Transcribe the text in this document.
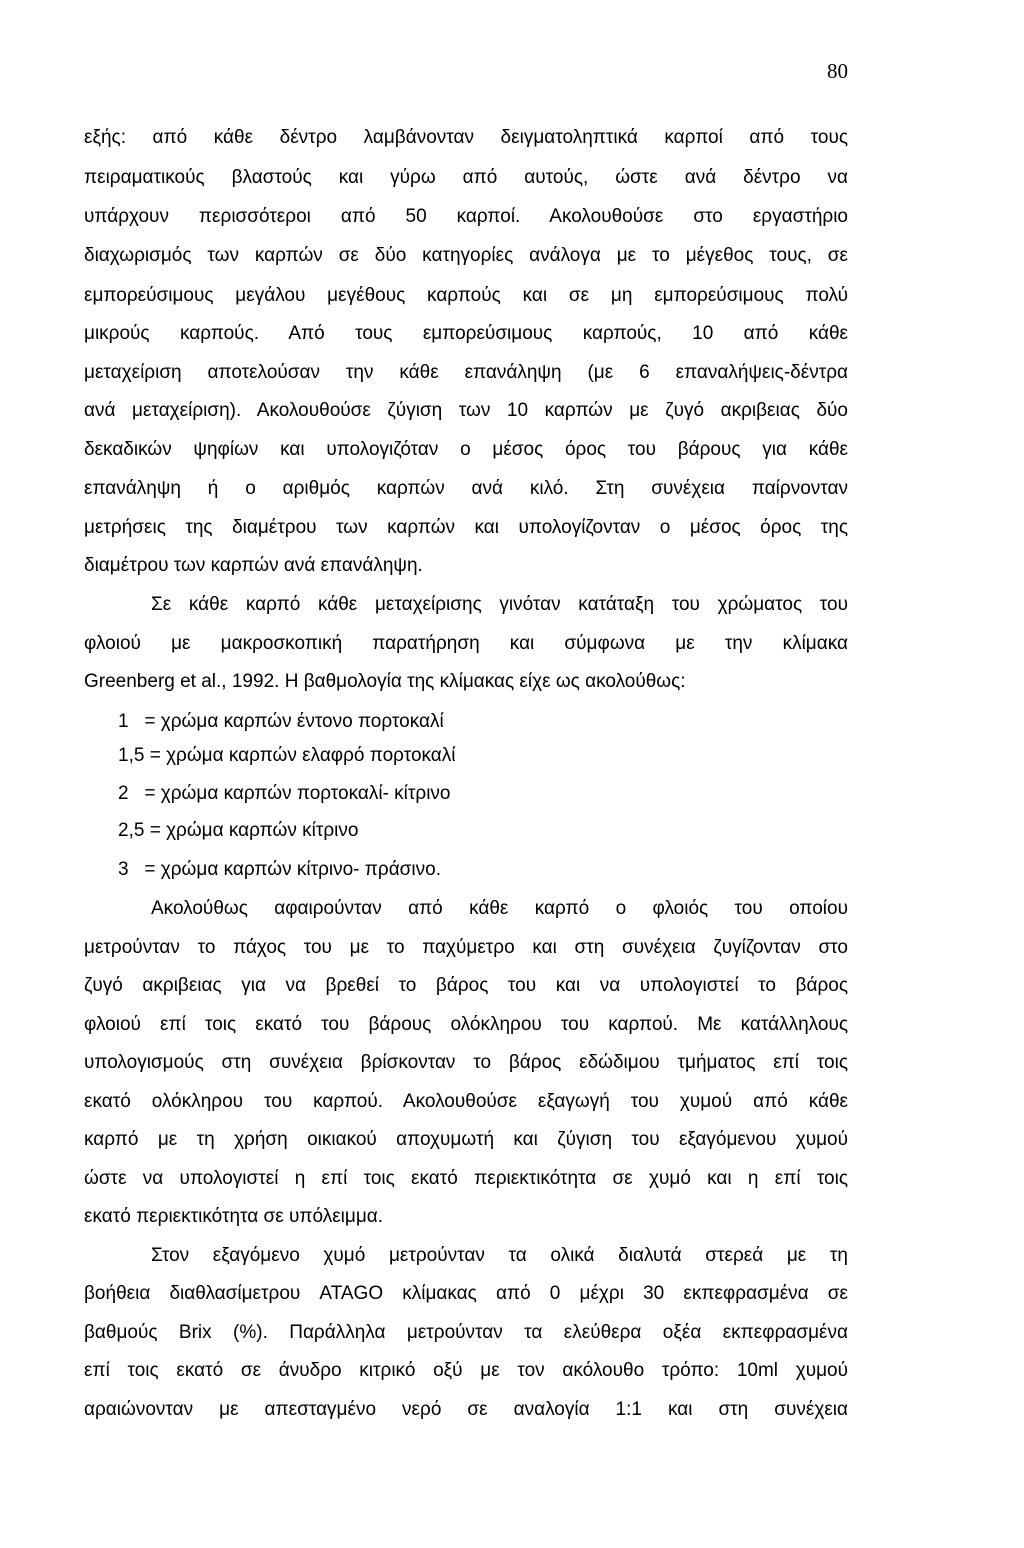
80
εξής: από κάθε δέντρο λαμβάνονταν δειγματοληπτικά καρποί από τους
πειραματικούς βλαστούς και γύρω από αυτούς, ώστε ανά δέντρο να
υπάρχουν περισσότεροι από 50 καρποί. Ακολουθούσε στο εργαστήριο
διαχωρισμός των καρπών σε δύο κατηγορίες ανάλογα με το μέγεθος τους, σε
εμπορεύσιμους μεγάλου μεγέθους καρπούς και σε μη εμπορεύσιμους πολύ
μικρούς καρπούς. Από τους εμπορεύσιμους καρπούς, 10 από κάθε
μεταχείριση αποτελούσαν την κάθε επανάληψη (με 6 επαναλήψεις-δέντρα
ανά μεταχείριση). Ακολουθούσε ζύγιση των 10 καρπών με ζυγό ακριβειας δύο
δεκαδικών ψηφίων και υπολογιζόταν ο μέσος όρος του βάρους για κάθε
επανάληψη ή ο αριθμός καρπών ανά κιλό. Στη συνέχεια παίρνονταν
μετρήσεις της διαμέτρου των καρπών και υπολογίζονταν ο μέσος όρος της
διαμέτρου των καρπών ανά επανάληψη.
Σε κάθε καρπό κάθε μεταχείρισης γινόταν κατάταξη του χρώματος του
φλοιού με μακροσκοπική παρατήρηση και σύμφωνα με την κλίμακα
Greenberg et al., 1992. Η βαθμολογία της κλίμακας είχε ως ακολούθως:
1   = χρώμα καρπών έντονο πορτοκαλί
1,5 = χρώμα καρπών ελαφρό πορτοκαλί
2   = χρώμα καρπών πορτοκαλί- κίτρινο
2,5 = χρώμα καρπών κίτρινο
3   = χρώμα καρπών κίτρινο- πράσινο.
Ακολούθως αφαιρούνταν από κάθε καρπό ο φλοιός του οποίου
μετρούνταν το πάχος του με το παχύμετρο και στη συνέχεια ζυγίζονταν στο
ζυγό ακριβειας για να βρεθεί το βάρος του και να υπολογιστεί το βάρος
φλοιού επί τοις εκατό του βάρους ολόκληρου του καρπού. Με κατάλληλους
υπολογισμούς στη συνέχεια βρίσκονταν το βάρος εδώδιμου τμήματος επί τοις
εκατό ολόκληρου του καρπού. Ακολουθούσε εξαγωγή του χυμού από κάθε
καρπό με τη χρήση οικιακού αποχυμωτή και ζύγιση του εξαγόμενου χυμού
ώστε να υπολογιστεί η επί τοις εκατό περιεκτικότητα σε χυμό και η επί τοις
εκατό περιεκτικότητα σε υπόλειμμα.
Στον εξαγόμενο χυμό μετρούνταν τα ολικά διαλυτά στερεά με τη
βοήθεια διαθλασίμετρου ATAGO κλίμακας από 0 μέχρι 30 εκπεφρασμένα σε
βαθμούς Brix (%). Παράλληλα μετρούνταν τα ελεύθερα οξέα εκπεφρασμένα
επί τοις εκατό σε άνυδρο κιτρικό οξύ με τον ακόλουθο τρόπο: 10ml χυμού
αραιώνονταν με απεσταγμένο νερό σε αναλογία 1:1 και στη συνέχεια
